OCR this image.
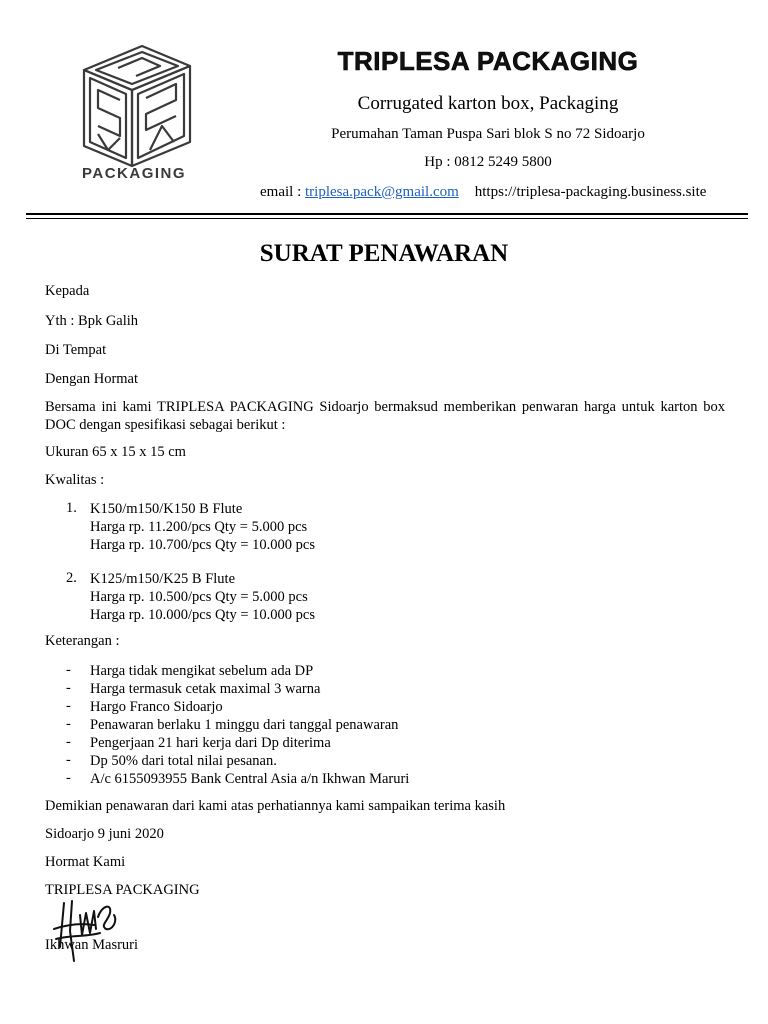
PACKAGING
TRIPLESA PACKAGING
Corrugated karton box, Packaging
Perumahan Taman Puspa Sari blok S no 72 Sidoarjo
Hp : 0812 5249 5800
email : triplesa.pack@gmail.com https://triplesa-packaging.business.site
SURAT PENAWARAN
Kepada
Yth : Bpk Galih
Di Tempat
Dengan Hormat
Bersama ini kami TRIPLESA PACKAGING Sidoarjo bermaksud memberikan penwaran harga untuk karton box DOC dengan spesifikasi sebagai berikut :
Ukuran 65 x 15 x 15 cm
Kwalitas :
1. K150/m150/K150 B Flute
Harga rp. 11.200/pcs Qty = 5.000 pcs
Harga rp. 10.700/pcs Qty = 10.000 pcs
2. K125/m150/K25 B Flute
Harga rp. 10.500/pcs Qty = 5.000 pcs
Harga rp. 10.000/pcs Qty = 10.000 pcs
Keterangan :
- Harga tidak mengikat sebelum ada DP
- Harga termasuk cetak maximal 3 warna
- Hargo Franco Sidoarjo
- Penawaran berlaku 1 minggu dari tanggal penawaran
- Pengerjaan 21 hari kerja dari Dp diterima
- Dp 50% dari total nilai pesanan.
- A/c 6155093955 Bank Central Asia a/n Ikhwan Maruri
Demikian penawaran dari kami atas perhatiannya kami sampaikan terima kasih
Sidoarjo 9 juni 2020
Hormat Kami
TRIPLESA PACKAGING
Ikhwan Masruri
